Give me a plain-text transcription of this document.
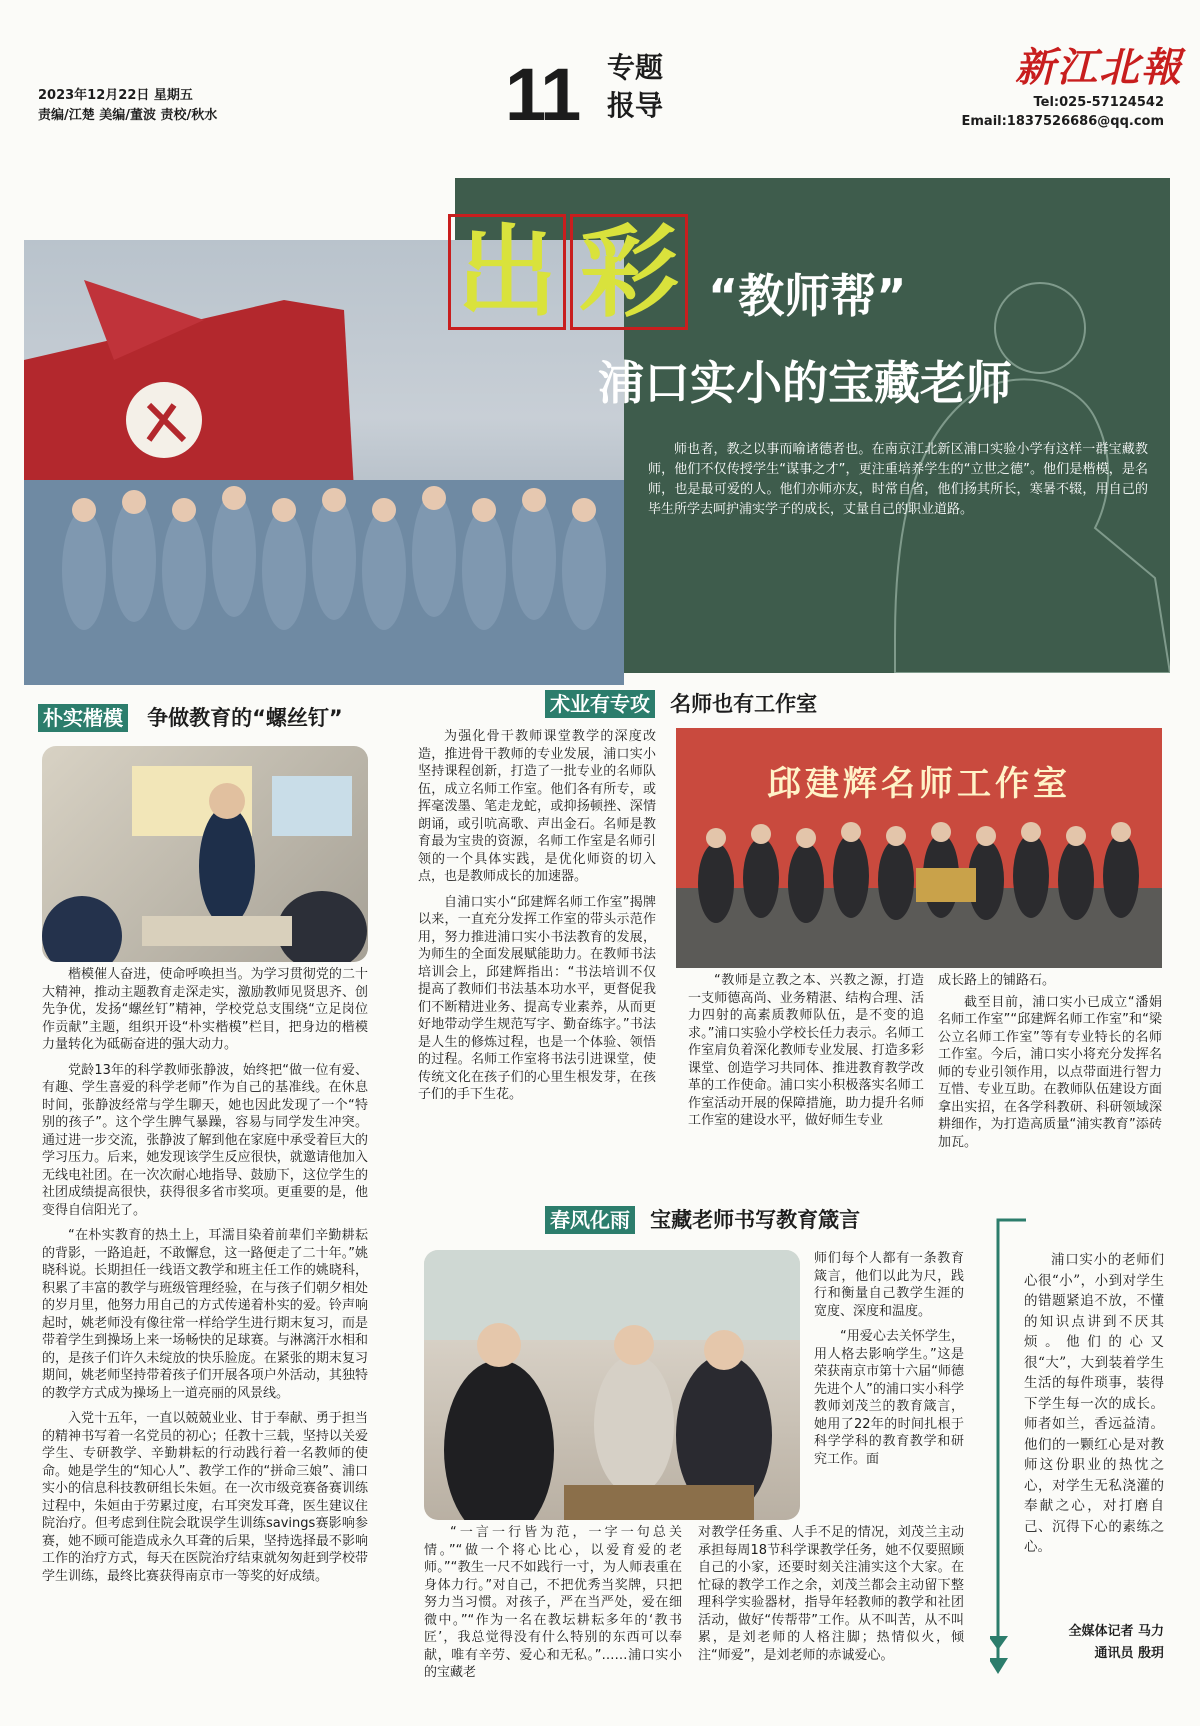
2023年12月22日 星期五
责编/江楚 美编/董波 责校/秋水	11 专题
报导
新江北報
Tel:025-57124542
Email:1837526686@qq.com
出 彩 “教师帮”
浦口实小的宝藏老师
师也者，教之以事而喻诸德者也。在南京江北新区浦口实验小学有这样一群宝藏教师，他们不仅传授学生“谋事之才”，更注重培养学生的“立世之德”。他们是楷模，是名师，也是最可爱的人。他们亦师亦友，时常自省，他们扬其所长，寒暑不辍，用自己的毕生所学去呵护浦实学子的成长，丈量自己的职业道路。
朴实楷模 争做教育的“螺丝钉”

楷模催人奋进，使命呼唤担当。为学习贯彻党的二十大精神，推动主题教育走深走实，激励教师见贤思齐、创先争优，发扬“螺丝钉”精神，学校党总支围绕“立足岗位作贡献”主题，组织开设“朴实楷模”栏目，把身边的楷模力量转化为砥砺奋进的强大动力。

党龄13年的科学教师张静波，始终把“做一位有爱、有趣、学生喜爱的科学老师”作为自己的基准线。在休息时间，张静波经常与学生聊天，她也因此发现了一个“特别的孩子”。这个学生脾气暴躁，容易与同学发生冲突。通过进一步交流，张静波了解到他在家庭中承受着巨大的学习压力。后来，她发现该学生反应很快，就邀请他加入无线电社团。在一次次耐心地指导、鼓励下，这位学生的社团成绩提高很快，获得很多省市奖项。更重要的是，他变得自信阳光了。

“在朴实教育的热土上，耳濡目染着前辈们辛勤耕耘的背影，一路追赶，不敢懈怠，这一路便走了二十年。”姚晓科说。长期担任一线语文教学和班主任工作的姚晓科，积累了丰富的教学与班级管理经验，在与孩子们朝夕相处的岁月里，他努力用自己的方式传递着朴实的爱。铃声响起时，姚老师没有像往常一样给学生进行期末复习，而是带着学生到操场上来一场畅快的足球赛。与淋漓汗水相和的，是孩子们许久未绽放的快乐脸庞。在紧张的期末复习期间，姚老师坚持带着孩子们开展各项户外活动，其独特的教学方式成为操场上一道亮丽的风景线。

入党十五年，一直以兢兢业业、甘于奉献、勇于担当的精神书写着一名党员的初心；任教十三载，坚持以关爱学生、专研教学、辛勤耕耘的行动践行着一名教师的使命。她是学生的“知心人”、教学工作的“拼命三娘”、浦口实小的信息科技教研组长朱姮。在一次市级竞赛备赛训练过程中，朱姮由于劳累过度，右耳突发耳聋，医生建议住院治疗。但考虑到住院会耽误学生训练savings赛影响参赛，她不顾可能造成永久耳聋的后果，坚持选择最不影响工作的治疗方式，每天在医院治疗结束就匆匆赶到学校带学生训练，最终比赛获得南京市一等奖的好成绩。

术业有专攻 名师也有工作室

为强化骨干教师课堂教学的深度改造，推进骨干教师的专业发展，浦口实小坚持课程创新，打造了一批专业的名师队伍，成立名师工作室。他们各有所专，或挥毫泼墨、笔走龙蛇，或抑扬顿挫、深情朗诵，或引吭高歌、声出金石。名师是教育最为宝贵的资源，名师工作室是名师引领的一个具体实践，是优化师资的切入点，也是教师成长的加速器。

自浦口实小“邱建辉名师工作室”揭牌以来，一直充分发挥工作室的带头示范作用，努力推进浦口实小书法教育的发展，为师生的全面发展赋能助力。在教师书法培训会上，邱建辉指出：“书法培训不仅提高了教师们书法基本功水平，更督促我们不断精进业务、提高专业素养，从而更好地带动学生规范写字、勤奋练字。”书法是人生的修炼过程，也是一个体验、领悟的过程。名师工作室将书法引进课堂，使传统文化在孩子们的心里生根发芽，在孩子们的手下生花。

邱建辉名师工作室

“教师是立教之本、兴教之源，打造一支师德高尚、业务精湛、结构合理、活力四射的高素质教师队伍，是不变的追求。”浦口实验小学校长任力表示。名师工作室肩负着深化教师专业发展、打造多彩课堂、创造学习共同体、推进教育教学改革的工作使命。浦口实小积极落实名师工作室活动开展的保障措施，助力提升名师工作室的建设水平，做好师生专业

成长路上的铺路石。

截至目前，浦口实小已成立“潘娟名师工作室”“邱建辉名师工作室”和“梁公立名师工作室”等有专业特长的名师工作室。今后，浦口实小将充分发挥名师的专业引领作用，以点带面进行智力互惜、专业互助。在教师队伍建设方面拿出实招，在各学科教研、科研领域深耕细作，为打造高质量“浦实教育”添砖加瓦。

春风化雨 宝藏老师书写教育箴言

师们每个人都有一条教育箴言，他们以此为尺，践行和衡量自己教学生涯的宽度、深度和温度。

“用爱心去关怀学生，用人格去影响学生。”这是荣获南京市第十六届“师德先进个人”的浦口实小科学教师刘茂兰的教育箴言，她用了22年的时间扎根于科学学科的教育教学和研究工作。面

“一言一行皆为范，一字一句总关情。”“做一个将心比心，以爱育爱的老师。”“教生一尺不如践行一寸，为人师表重在身体力行。”对自己，不把优秀当奖牌，只把努力当习惯。对孩子，严在当严处，爱在细微中。”“作为一名在教坛耕耘多年的‘教书匠’，我总觉得没有什么特别的东西可以奉献，唯有辛劳、爱心和无私。”……浦口实小的宝藏老

对教学任务重、人手不足的情况，刘茂兰主动承担每周18节科学课教学任务，她不仅要照顾自己的小家，还要时刻关注浦实这个大家。在忙碌的教学工作之余，刘茂兰都会主动留下整理科学实验器材，指导年轻教师的教学和社团活动，做好“传帮带”工作。从不叫苦，从不叫累，是刘老师的人格注脚；热情似火，倾注“师爱”，是刘老师的赤诚爱心。

浦口实小的老师们心很“小”，小到对学生的错题紧追不放，不懂的知识点讲到不厌其烦。他们的心又很“大”，大到装着学生生活的每件琐事，装得下学生每一次的成长。师者如兰，香远益清。他们的一颗红心是对教师这份职业的热忱之心，对学生无私浇灌的奉献之心，对打磨自己、沉得下心的素练之心。
全媒体记者 马力
通讯员 殷玥
